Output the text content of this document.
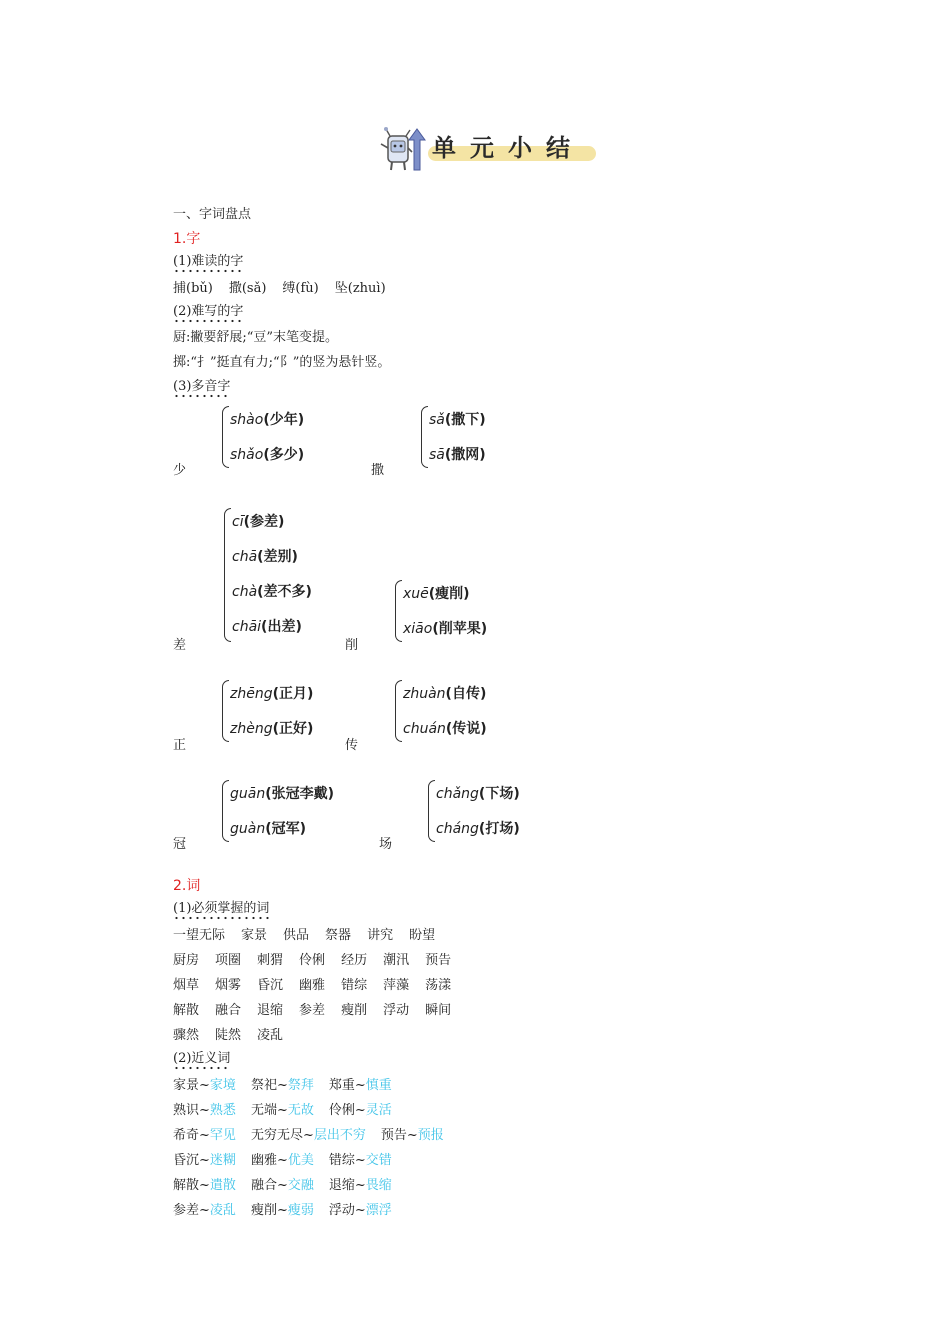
单元小结
一、字词盘点
1.字
(1)难读的字
捕(bǔ) 撒(sǎ) 缚(fù) 坠(zhuì)
(2)难写的字
厨:撇要舒展;“豆”末笔变提。
掷:“扌”挺直有力;“阝”的竖为悬针竖。
(3)多音字
少
shào(少年)
shǎo(多少)
撒
sǎ(撒下)
sā(撒网)
差
cī(参差)
chā(差别)
chà(差不多)
chāi(出差)
削
xuē(瘦削)
xiāo(削苹果)
正
zhēng(正月)
zhèng(正好)
传
zhuàn(自传)
chuán(传说)
冠
guān(张冠李戴)
guàn(冠军)
场
chǎng(下场)
cháng(打场)
2.词
(1)必须掌握的词
一望无际 家景 供品 祭器 讲究 盼望
厨房 项圈 刺猬 伶俐 经历 潮汛 预告
烟草 烟雾 昏沉 幽雅 错综 萍藻 荡漾
解散 融合 退缩 参差 瘦削 浮动 瞬间
骤然 陡然 凌乱
(2)近义词
家景~家境 祭祀~祭拜 郑重~慎重
熟识~熟悉 无端~无故 伶俐~灵活
希奇~罕见 无穷无尽~层出不穷 预告~预报
昏沉~迷糊 幽雅~优美 错综~交错
解散~遣散 融合~交融 退缩~畏缩
参差~凌乱 瘦削~瘦弱 浮动~漂浮
